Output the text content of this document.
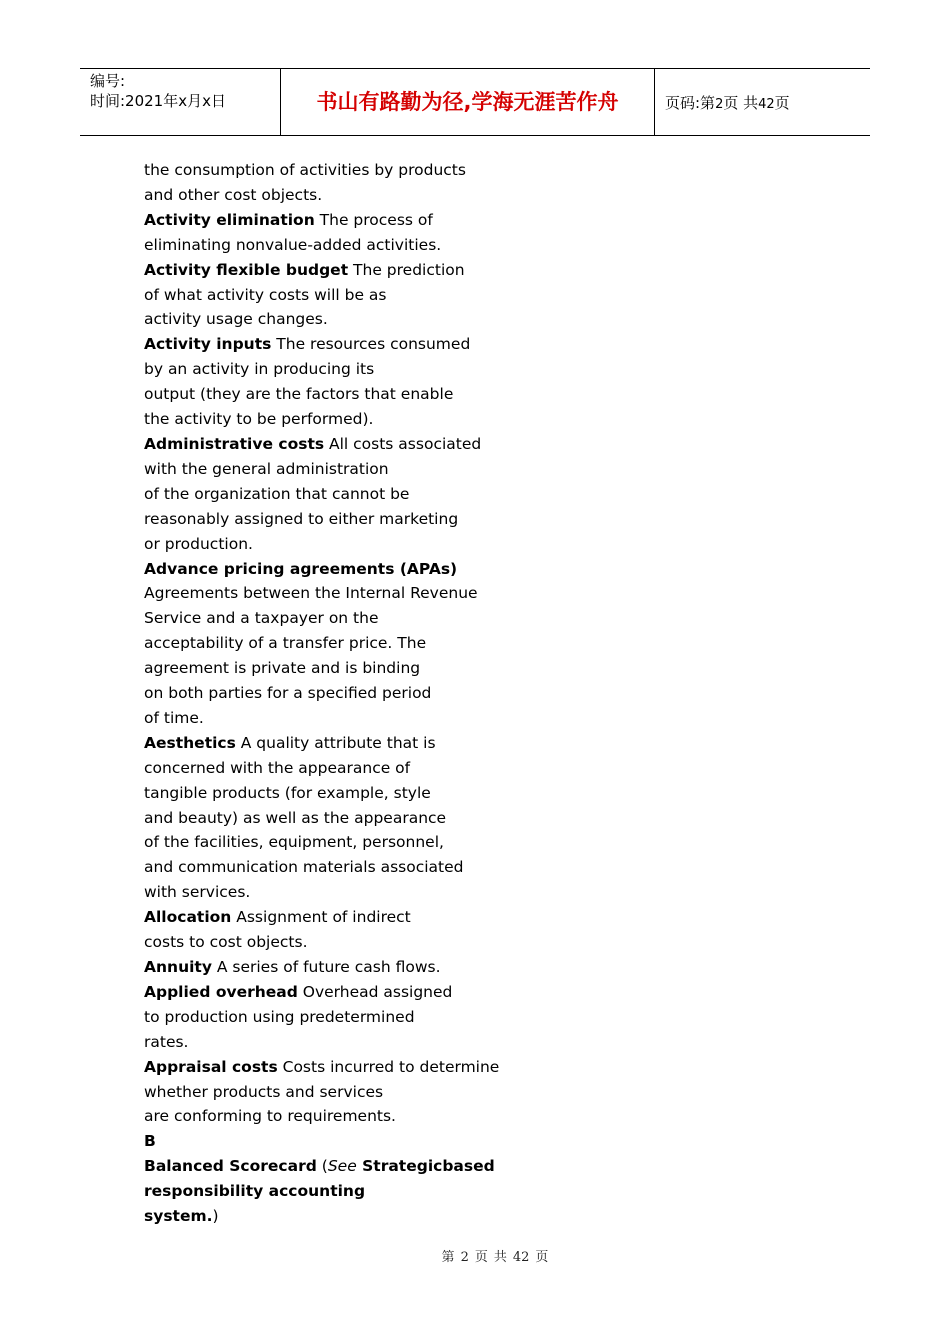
编号:
时间:2021年x月x日	书山有路勤为径,学海无涯苦作舟	页码:第2页 共42页
the consumption of activities by products
and other cost objects.
Activity elimination The process of
eliminating nonvalue-added activities.
Activity flexible budget The prediction
of what activity costs will be as
activity usage changes.
Activity inputs The resources consumed
by an activity in producing its
output (they are the factors that enable
the activity to be performed).
Administrative costs All costs associated
with the general administration
of the organization that cannot be
reasonably assigned to either marketing
or production.
Advance pricing agreements (APAs)
Agreements between the Internal Revenue
Service and a taxpayer on the
acceptability of a transfer price. The
agreement is private and is binding
on both parties for a specified period
of time.
Aesthetics A quality attribute that is
concerned with the appearance of
tangible products (for example, style
and beauty) as well as the appearance
of the facilities, equipment, personnel,
and communication materials associated
with services.
Allocation Assignment of indirect
costs to cost objects.
Annuity A series of future cash flows.
Applied overhead Overhead assigned
to production using predetermined
rates.
Appraisal costs Costs incurred to determine
whether products and services
are conforming to requirements.
B
Balanced Scorecard (See Strategicbased
responsibility accounting
system.)
第 2 页 共 42 页
